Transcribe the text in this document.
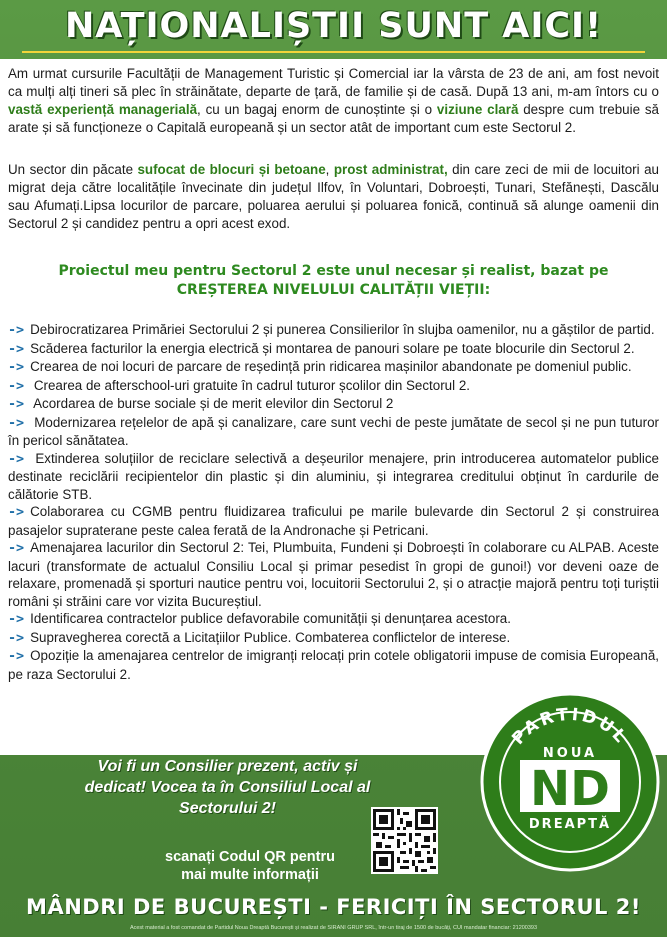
NAȚIONALIȘTII SUNT AICI!

Am urmat cursurile Facultății de Management Turistic și Comercial iar la vârsta de 23 de ani, am fost nevoit ca mulți alți tineri să plec în străinătate, departe de țară, de familie și de casă. După 13 ani, m-am întors cu o vastă experiență managerială, cu un bagaj enorm de cunoștinte și o viziune clară despre cum trebuie să arate și să funcționeze o Capitală europeană și un sector atât de important cum este Sectorul 2.

Un sector din păcate sufocat de blocuri și betoane, prost administrat, din care zeci de mii de locuitori au migrat deja către localitățile învecinate din județul Ilfov, în Voluntari, Dobroești, Tunari, Stefănești, Dascălu sau Afumați.Lipsa locurilor de parcare, poluarea aerului și poluarea fonică, continuă să alunge oamenii din Sectorul 2 și candidez pentru a opri acest exod.

Proiectul meu pentru Sectorul 2 este unul necesar și realist, bazat pe
CREȘTEREA NIVELULUI CALITĂȚII VIEȚII:
-> Debirocratizarea Primăriei Sectorului 2 și punerea Consilierilor în slujba oamenilor, nu a găștilor de partid.
-> Scăderea facturilor la energia electrică și montarea de panouri solare pe toate blocurile din Sectorul 2.
-> Crearea de noi locuri de parcare de reședință prin ridicarea mașinilor abandonate pe domeniul public.
-> Crearea de afterschool-uri gratuite în cadrul tuturor școlilor din Sectorul 2.
-> Acordarea de burse sociale și de merit elevilor din Sectorul 2
-> Modernizarea rețelelor de apă și canalizare, care sunt vechi de peste jumătate de secol și ne pun tuturor în pericol sănătatea.
-> Extinderea soluțiilor de reciclare selectivă a deșeurilor menajere, prin introducerea automatelor publice destinate reciclării recipientelor din plastic și din aluminiu, și integrarea creditului obținut în cardurile de călătorie STB.
-> Colaborarea cu CGMB pentru fluidizarea traficului pe marile bulevarde din Sectorul 2 și construirea pasajelor supraterane peste calea ferată de la Andronache și Petricani.
-> Amenajarea lacurilor din Sectorul 2: Tei, Plumbuita, Fundeni și Dobroești în colaborare cu ALPAB. Aceste lacuri (transformate de actualul Consiliu Local și primar pesedist în gropi de gunoi!) vor deveni oaze de relaxare, promenadă și sporturi nautice pentru voi, locuitorii Sectorului 2, și o atracție majoră pentru toți turiștii români și străini care vor vizita Bucureștiul.
-> Identificarea contractelor publice defavorabile comunității și denunțarea acestora.
-> Supravegherea corectă a Licitațiilor Publice. Combaterea conflictelor de interese.
-> Opoziție la amenajarea centrelor de imigranți relocați prin cotele obligatorii impuse de comisia Europeană, pe raza Sectorului 2.
Voi fi un Consilier prezent, activ și
dedicat! Vocea ta în Consiliul Local al
Sectorului 2!
scanați Codul QR pentru
mai multe informații
PARTIDUL
NOUA
ND
DREAPTĂ
MÂNDRI DE BUCUREȘTI - FERICIȚI ÎN SECTORUL 2!
Acest material a fost comandat de Partidul Noua Dreaptă București și realizat de SIRANI GRUP SRL, într-un tiraj de 1500 de bucăți, CUI mandatar financiar: 21200393
